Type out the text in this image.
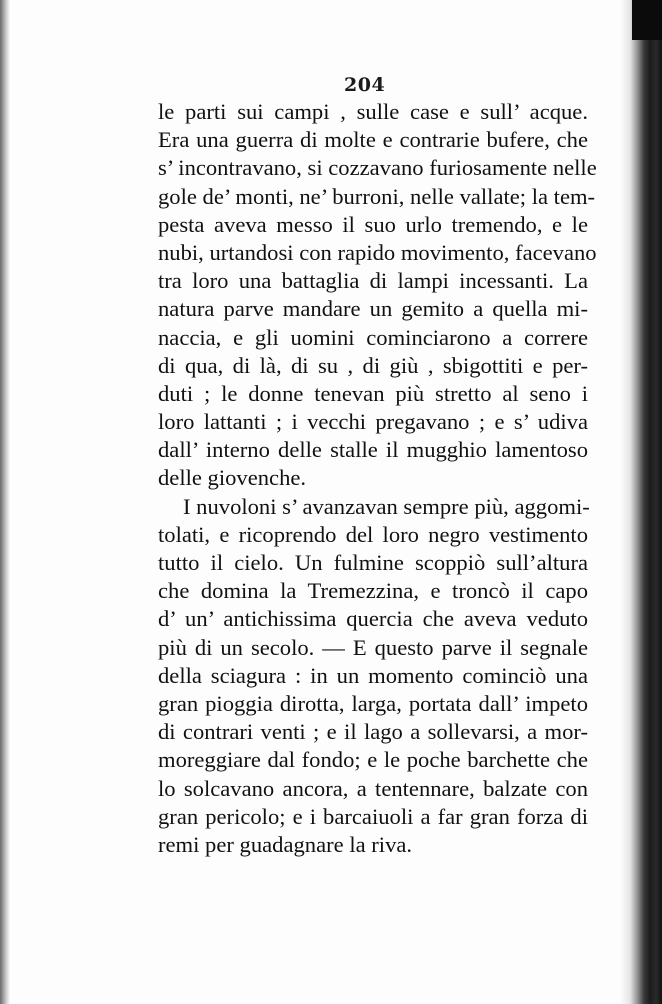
204
le parti sui campi , sulle case e sull’ acque.
Era una guerra di molte e contrarie bufere, che
s’ incontravano, si cozzavano furiosamente nelle
gole de’ monti, ne’ burroni, nelle vallate; la tem-
pesta aveva messo il suo urlo tremendo, e le
nubi, urtandosi con rapido movimento, facevano
tra loro una battaglia di lampi incessanti. La
natura parve mandare un gemito a quella mi-
naccia, e gli uomini cominciarono a correre
di qua, di là, di su , di giù , sbigottiti e per-
duti ; le donne tenevan più stretto al seno i
loro lattanti ; i vecchi pregavano ; e s’ udiva
dall’ interno delle stalle il mugghio lamentoso
delle giovenche.
I nuvoloni s’ avanzavan sempre più, aggomi-
tolati, e ricoprendo del loro negro vestimento
tutto il cielo. Un fulmine scoppiò sull’altura
che domina la Tremezzina, e troncò il capo
d’ un’ antichissima quercia che aveva veduto
più di un secolo. — E questo parve il segnale
della sciagura : in un momento cominciò una
gran pioggia dirotta, larga, portata dall’ impeto
di contrari venti ; e il lago a sollevarsi, a mor-
moreggiare dal fondo; e le poche barchette che
lo solcavano ancora, a tentennare, balzate con
gran pericolo; e i barcaiuoli a far gran forza di
remi per guadagnare la riva.
